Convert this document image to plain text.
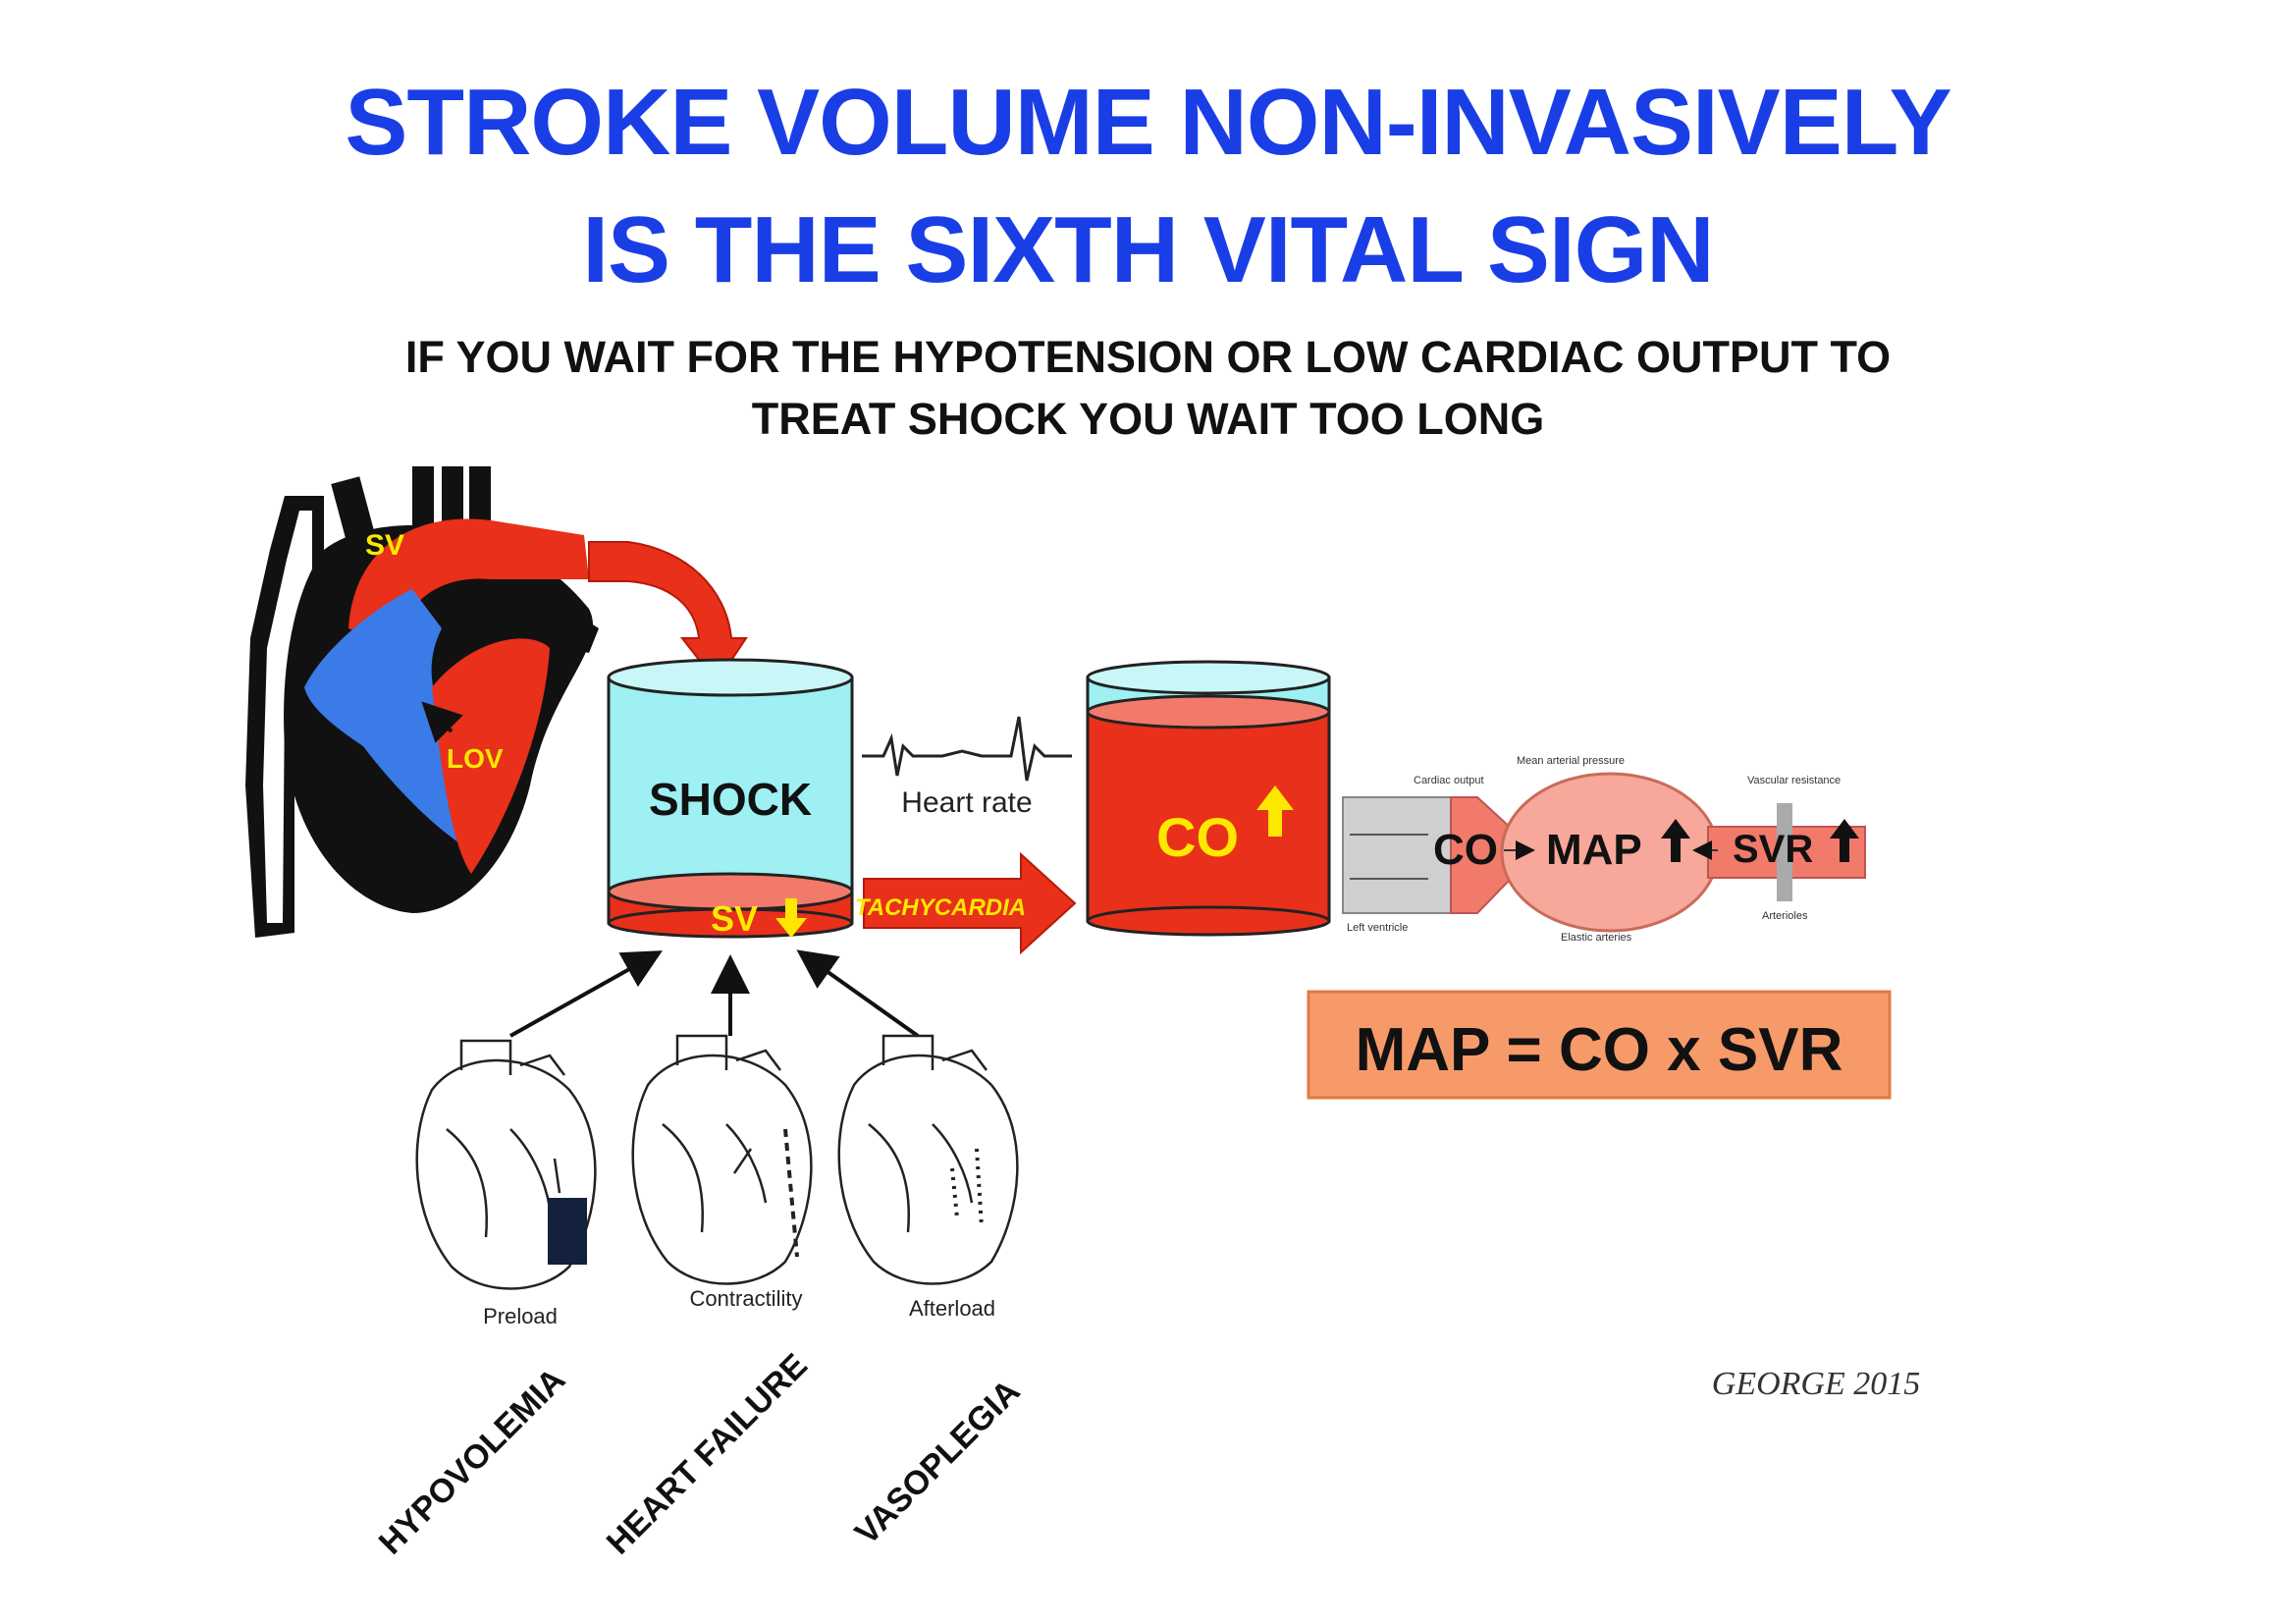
STROKE VOLUME NON-INVASIVELY
IS THE SIXTH VITAL SIGN
IF YOU WAIT FOR THE HYPOTENSION OR LOW CARDIAC OUTPUT TO
TREAT SHOCK YOU WAIT TOO LONG
SV
LOV
SHOCK
SV
Heart rate
TACHYCARDIA
CO
Cardiac output
Mean arterial pressure
Vascular resistance
Left ventricle
Elastic arteries
Arterioles
CO MAP SVR
MAP = CO x SVR
Preload
Contractility	Afterload
HYPOVOLEMIA HEART FAILURE VASOPLEGIA	GEORGE 2015
